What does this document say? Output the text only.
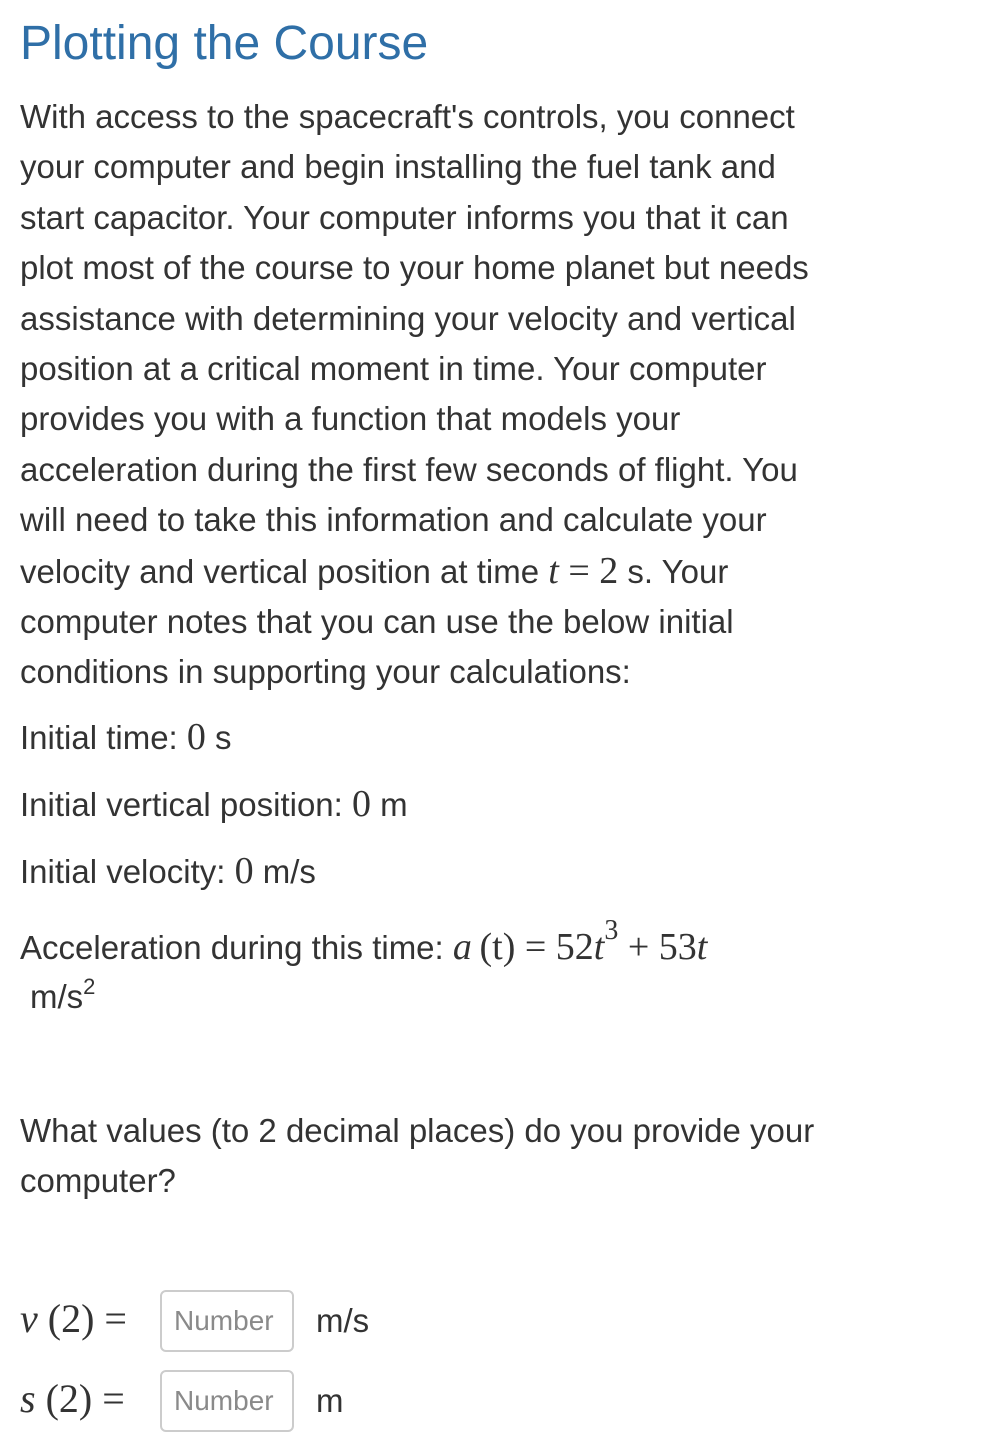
Plotting the Course

With access to the spacecraft's controls, you connect
your computer and begin installing the fuel tank and
start capacitor. Your computer informs you that it can
plot most of the course to your home planet but needs
assistance with determining your velocity and vertical
position at a critical moment in time. Your computer
provides you with a function that models your
acceleration during the first few seconds of flight. You
will need to take this information and calculate your
velocity and vertical position at time t = 2 s. Your
computer notes that you can use the below initial
conditions in supporting your calculations:

Initial time: 0 s

Initial vertical position: 0 m

Initial velocity: 0 m/s

Acceleration during this time: a  $(t) = 52t^3 + 53t$
$m/s^2$

What values (to 2 decimal places) do you provide your
computer?

v (2) =
Number	m/s
s (2) =
Number	m
